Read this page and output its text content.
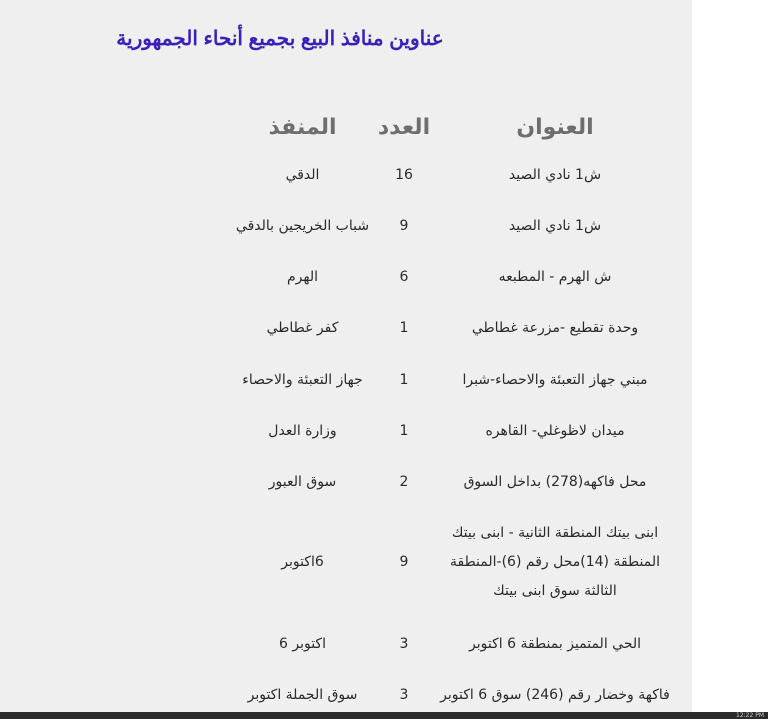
عناوين منافذ البيع بجميع أنحاء الجمهورية
العنوان
العدد
المنفذ
ش1 نادي الصيد
16
الدقي
ش1 نادي الصيد
9
شباب الخريجين بالدقي
ش الهرم - المطبعه
6
الهرم
وحدة تقطيع -مزرعة غطاطي
1
كفر غطاطي
مبني جهاز التعبئة والاحصاء-شبرا
1
جهاز التعبئة والاحصاء
ميدان لاظوغلي- القاهره
1
وزارة العدل
محل فاكهه(278) بداخل السوق
2
سوق العبور
ابنى بيتك المنطقة الثانية - ابنى بيتك المنطقة (14)محل رقم (6)-المنطقة الثالثة سوق ابنى بيتك
9
6اكتوبر
الحي المتميز بمنطقة 6 اكتوبر
3
اكتوبر 6
فاكهة وخضار رقم (246) سوق 6 اكتوبر
3
سوق الجملة اكتوبر
12:22 PM
